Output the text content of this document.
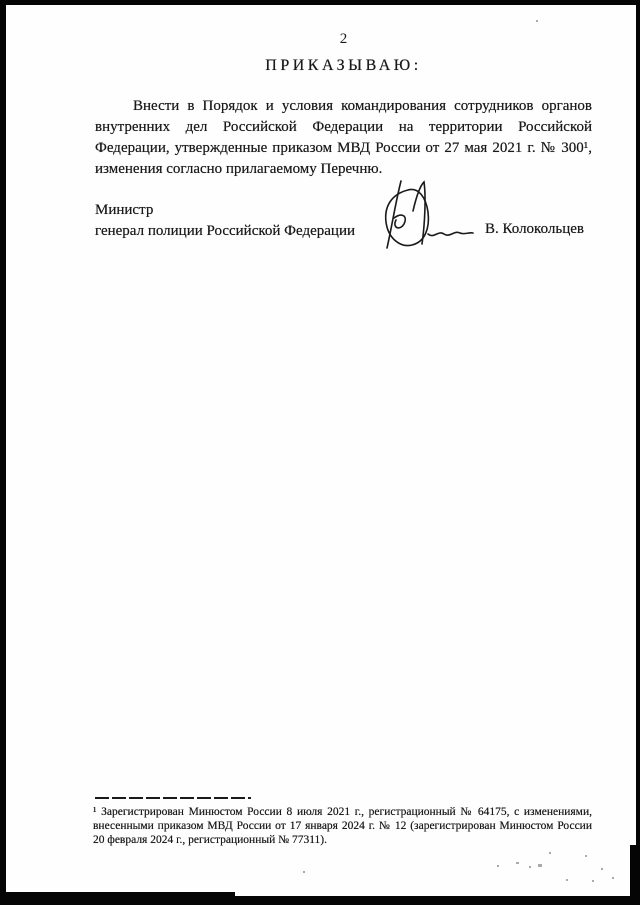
2
ПРИКАЗЫВАЮ:
Внести в Порядок и условия командирования сотрудников органов
внутренних дел Российской Федерации на территории Российской
Федерации, утвержденные приказом МВД России от 27 мая 2021 г. № 300¹,
изменения согласно прилагаемому Перечню.
Министр
генерал полиции Российской Федерации	В. Колокольцев
¹ Зарегистрирован Минюстом России 8 июля 2021 г., регистрационный № 64175, с изменениями,
внесенными приказом МВД России от 17 января 2024 г. № 12 (зарегистрирован Минюстом России
20 февраля 2024 г., регистрационный № 77311).
